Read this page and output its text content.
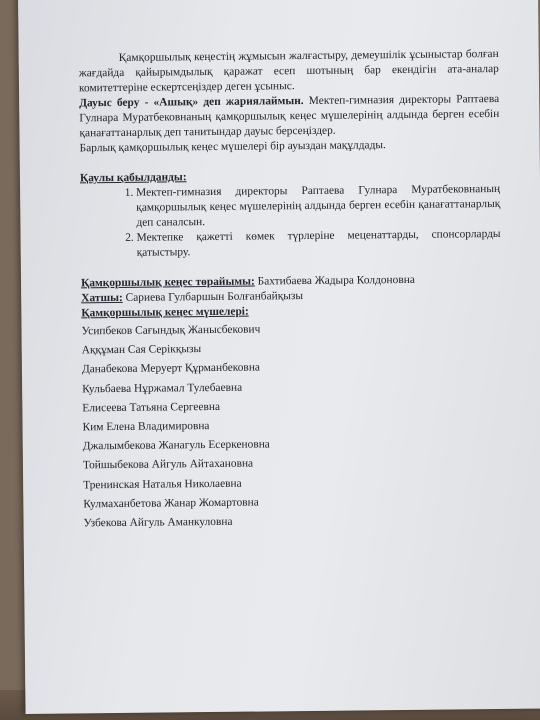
Қамқоршылық кеңестің жұмысын жалғастыру, демеушілік ұсыныстар болған жағдайда қайырымдылық қаражат есеп шотының бар екендігін ата-аналар комитеттеріне ескертсеңіздер деген ұсыныс.

Дауыс беру - «Ашық» деп жариялаймын. Мектеп-гимназия директоры Раптаева Гулнара Муратбековнаның қамқоршылық кеңес мүшелерінің алдында берген есебін қанағаттанарлық деп танитындар дауыс берсеңіздер.

Барлық қамқоршылық кеңес мүшелері бір ауыздан мақұлдады.

Қаулы қабылданды:

1. Мектеп-гимназия директоры Раптаева Гулнара Муратбековнаның қамқоршылық кеңес мүшелерінің алдында берген есебін қанағаттанарлық деп саналсын.
2. Мектепке қажетті көмек түрлеріне меценаттарды, спонсорларды қатыстыру.

Қамқоршылық кеңес төрайымы: Бахтибаева Жадыра Колдоновна

Хатшы: Сариева Гулбаршын Болғанбайқызы

Қамқоршылық кеңес мүшелері:

Усипбеков Сағындық Жаныcбекович
Аққұман Сая Серікқызы
Данабекова Меруерт Құрманбековна
Кульбаева Нұржамал Тулебаевна
Елисеева Татьяна Сергеевна
Ким Елена Владимировна
Джалымбекова Жанагуль Есеркеновна
Тойшыбекова Айгуль Айтахановна
Тренинская Наталья Николаевна
Кулмаханбетова Жанар Жомартовна
Узбекова Айгуль Аманкуловна
